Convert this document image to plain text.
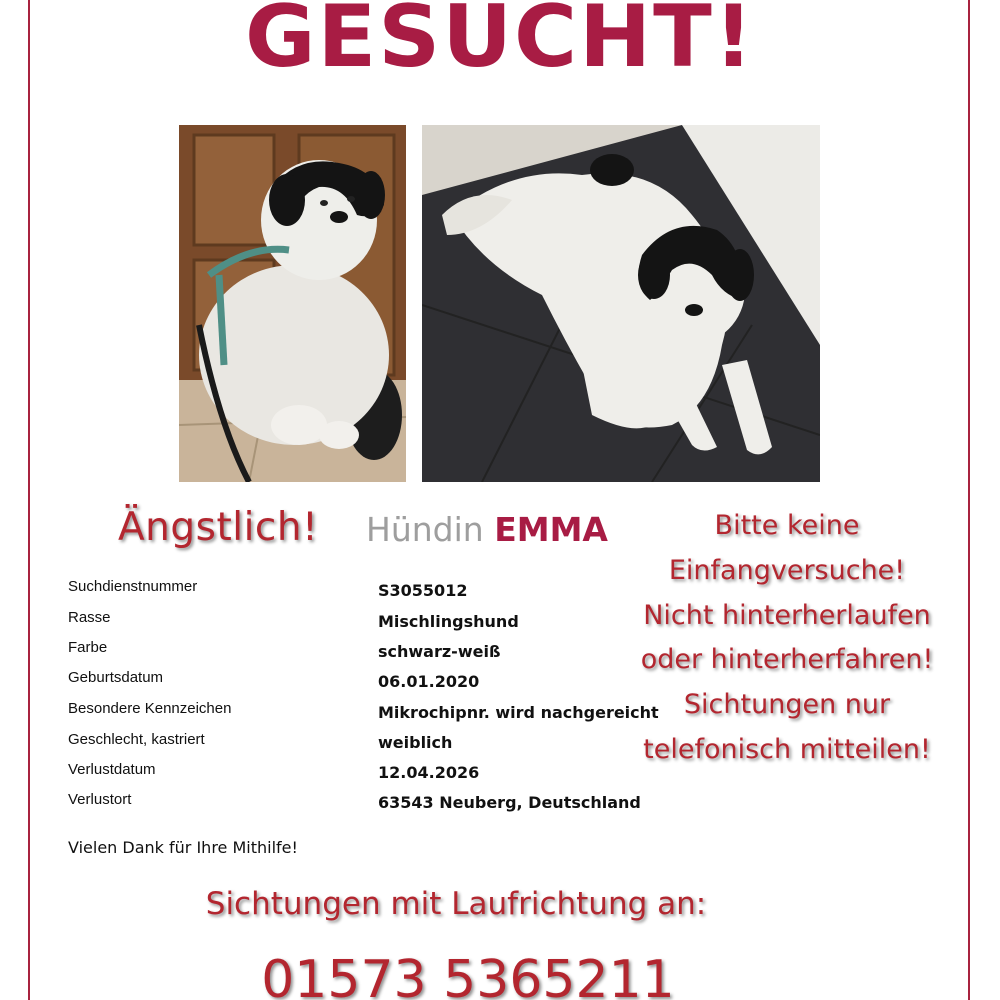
GESUCHT!
Ängstlich! Hündin EMMA	Bitte keine
Einfangversuche!
Nicht hinterherlaufen
oder hinterherfahren!
Sichtungen nur
telefonisch mitteilen!
Suchdienstnummer	S3055012
Rasse	Mischlingshund
Farbe	schwarz-weiß
Geburtsdatum	06.01.2020
Besondere Kennzeichen	Mikrochipnr. wird nachgereicht
Geschlecht, kastriert	weiblich
Verlustdatum	12.04.2026
Verlustort	63543 Neuberg, Deutschland
Vielen Dank für Ihre Mithilfe!
Sichtungen mit Laufrichtung an:
01573 5365211
